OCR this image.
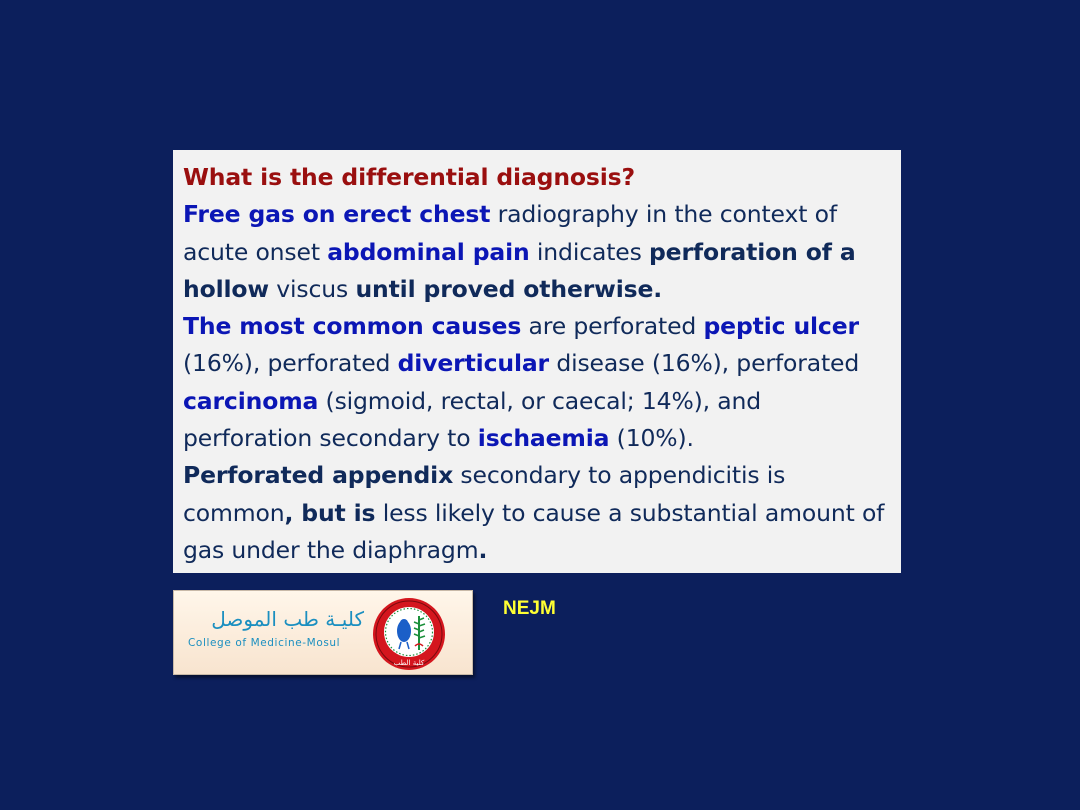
What is the differential diagnosis?

Free gas on erect chest radiography in the context of acute onset abdominal pain indicates perforation of a hollow viscus until proved otherwise.

The most common causes are perforated peptic ulcer (16%), perforated diverticular disease (16%), perforated carcinoma (sigmoid, rectal, or caecal; 14%), and perforation secondary to ischaemia (10%).

Perforated appendix secondary to appendicitis is common, but is less likely to cause a substantial amount of gas under the diaphragm.

كليـة طب الموصل
College of Medicine-Mosul
كلية الطب
NEJM
